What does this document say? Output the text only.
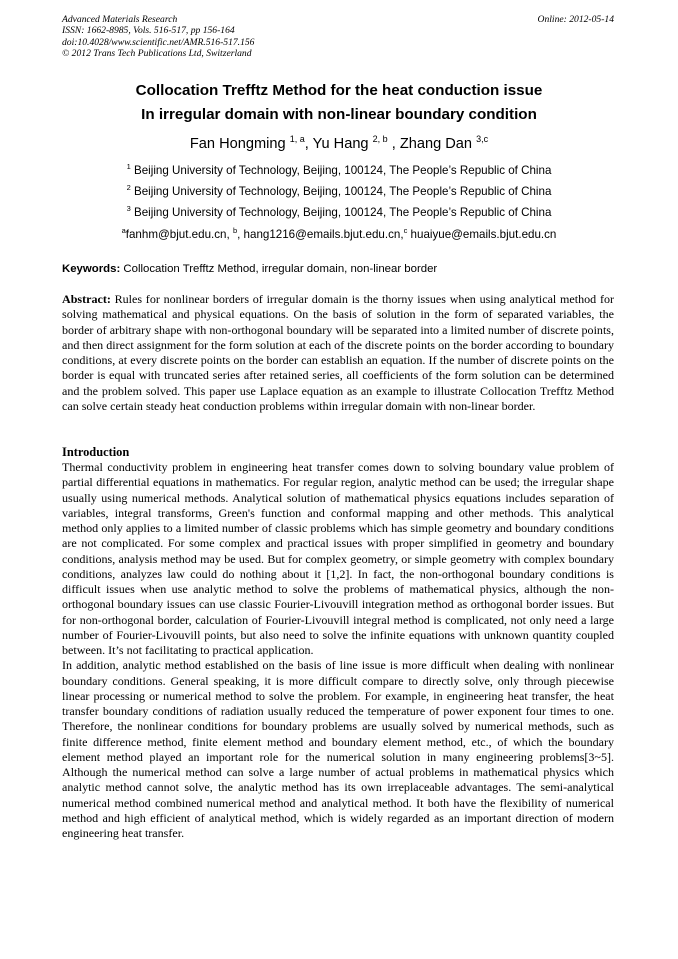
Advanced Materials Research
ISSN: 1662-8985, Vols. 516-517, pp 156-164
doi:10.4028/www.scientific.net/AMR.516-517.156
© 2012 Trans Tech Publications Ltd, Switzerland
Online: 2012-05-14
Collocation Trefftz Method for the heat conduction issue
In irregular domain with non-linear boundary condition
Fan Hongming $^{1, a}$, Yu Hang $^{2, b}$ , Zhang Dan $^{3,c}$
$^1$ Beijing University of Technology, Beijing, 100124, The People’s Republic of China
$^2$ Beijing University of Technology, Beijing, 100124, The People’s Republic of China
$^3$ Beijing University of Technology, Beijing, 100124, The People’s Republic of China
$^a$fanhm@bjut.edu.cn, $^b$, hang1216@emails.bjut.edu.cn,$^c$ huaiyue@emails.bjut.edu.cn
Keywords: Collocation Trefftz Method, irregular domain, non-linear border

Abstract: Rules for nonlinear borders of irregular domain is the thorny issues when using analytical method for solving mathematical and physical equations. On the basis of solution in the form of separated variables, the border of arbitrary shape with non-orthogonal boundary will be separated into a limited number of discrete points, and then direct assignment for the form solution at each of the discrete points on the border according to boundary conditions, at every discrete points on the border can establish an equation. If the number of discrete points on the border is equal with truncated series after retained series, all coefficients of the form solution can be determined and the problem solved. This paper use Laplace equation as an example to illustrate Collocation Trefftz Method can solve certain steady heat conduction problems within irregular domain with non-linear border.

Introduction

Thermal conductivity problem in engineering heat transfer comes down to solving boundary value problem of partial differential equations in mathematics. For regular region, analytic method can be used; the irregular shape usually using numerical methods. Analytical solution of mathematical physics equations includes separation of variables, integral transforms, Green's function and conformal mapping and other methods. This analytical method only applies to a limited number of classic problems which has simple geometry and boundary conditions are not complicated. For some complex and practical issues with proper simplified in geometry and boundary conditions, analysis method may be used. But for complex geometry, or simple geometry with complex boundary conditions, analyzes law could do nothing about it [1,2]. In fact, the non-orthogonal boundary conditions is difficult issues when use analytic method to solve the problems of mathematical physics, although the non-orthogonal boundary issues can use classic Fourier-Livouvill integration method as orthogonal border issues. But for non-orthogonal border, calculation of Fourier-Livouvill integral method is complicated, not only need a large number of Fourier-Livouvill points, but also need to solve the infinite equations with unknown quantity coupled between. It’s not facilitating to practical application.

In addition, analytic method established on the basis of line issue is more difficult when dealing with nonlinear boundary conditions. General speaking, it is more difficult compare to directly solve, only through piecewise linear processing or numerical method to solve the problem. For example, in engineering heat transfer, the heat transfer boundary conditions of radiation usually reduced the temperature of power exponent four times to one. Therefore, the nonlinear conditions for boundary problems are usually solved by numerical methods, such as finite difference method, finite element method and boundary element method, etc., of which the boundary element method played an important role for the numerical solution in many engineering problems[3~5]. Although the numerical method can solve a large number of actual problems in mathematical physics which analytic method cannot solve, the analytic method has its own irreplaceable advantages. The semi-analytical numerical method combined numerical method and analytical method. It both have the flexibility of numerical method and high efficient of analytical method, which is widely regarded as an important direction of modern engineering heat transfer.
